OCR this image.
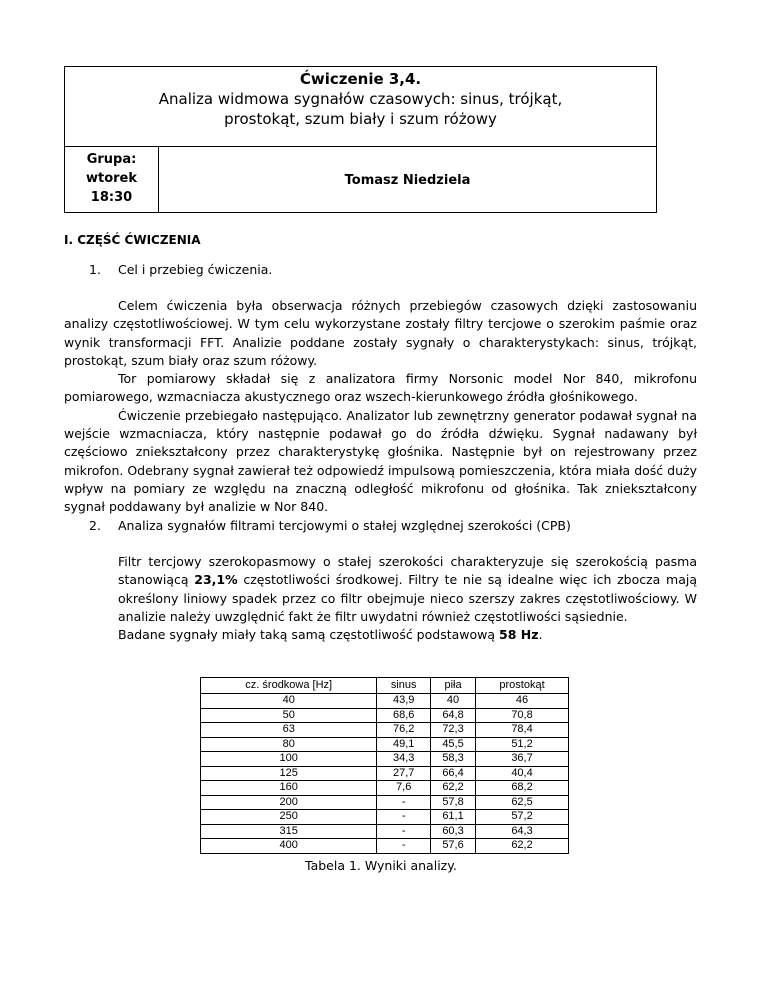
Ćwiczenie 3,4.
Analiza widmowa sygnałów czasowych: sinus, trójkąt,
prostokąt, szum biały i szum różowy
Grupa:
wtorek
18:30
Tomasz Niedziela
I. CZĘŚĆ ĆWICZENIA
1. Cel i przebieg ćwiczenia.

Celem ćwiczenia była obserwacja różnych przebiegów czasowych dzięki zastosowaniu analizy częstotliwościowej. W tym celu wykorzystane zostały filtry tercjowe o szerokim paśmie oraz wynik transformacji FFT. Analizie poddane zostały sygnały o charakterystykach: sinus, trójkąt, prostokąt, szum biały oraz szum różowy.

Tor pomiarowy składał się z analizatora firmy Norsonic model Nor 840, mikrofonu pomiarowego, wzmacniacza akustycznego oraz wszech-kierunkowego źródła głośnikowego.

Ćwiczenie przebiegało następująco. Analizator lub zewnętrzny generator podawał sygnał na wejście wzmacniacza, który następnie podawał go do źródła dźwięku. Sygnał nadawany był częściowo zniekształcony przez charakterystykę głośnika. Następnie był on rejestrowany przez mikrofon. Odebrany sygnał zawierał też odpowiedź impulsową pomieszczenia, która miała dość duży wpływ na pomiary ze względu na znaczną odległość mikrofonu od głośnika. Tak zniekształcony sygnał poddawany był analizie w Nor 840.

2. Analiza sygnałów filtrami tercjowymi o stałej względnej szerokości (CPB)

Filtr tercjowy szerokopasmowy o stałej szerokości charakteryzuje się szerokością pasma stanowiącą 23,1% częstotliwości środkowej. Filtry te nie są idealne więc ich zbocza mają określony liniowy spadek przez co filtr obejmuje nieco szerszy zakres częstotliwościowy. W analizie należy uwzględnić fakt że filtr uwydatni również częstotliwości sąsiednie.

Badane sygnały miały taką samą częstotliwość podstawową 58 Hz.

cz. środkowa [Hz]	sinus	piła	prostokąt
40	43,9	40	46
50	68,6	64,8	70,8
63	76,2	72,3	78,4
80	49,1	45,5	51,2
100	34,3	58,3	36,7
125	27,7	66,4	40,4
160	7,6	62,2	68,2
200	-	57,8	62,5
250	-	61,1	57,2
315	-	60,3	64,3
400	-	57,6	62,2
Tabela 1. Wyniki analizy.
